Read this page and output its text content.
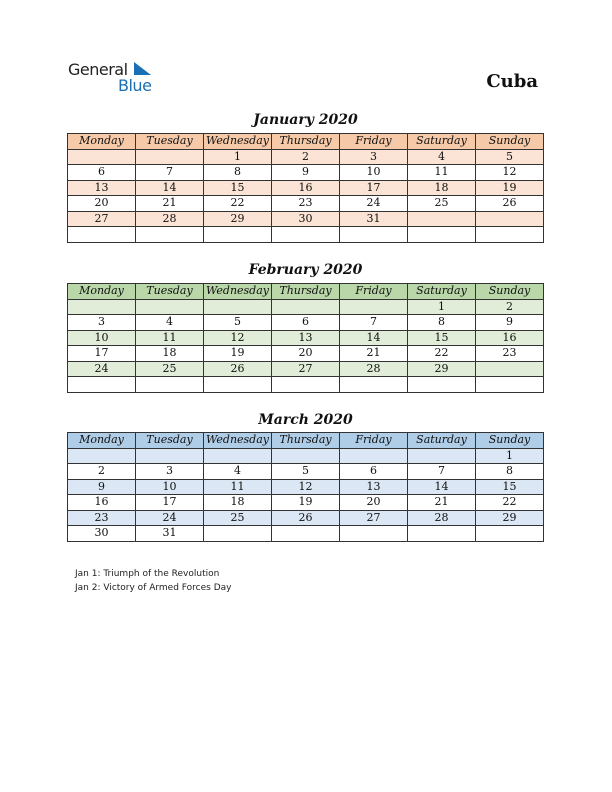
General
Blue	Cuba
January 2020
Monday	Tuesday	Wednesday	Thursday	Friday	Saturday	Sunday
		1	2	3	4	5
6	7	8	9	10	11	12
13	14	15	16	17	18	19
20	21	22	23	24	25	26
27	28	29	30	31		

February 2020
Monday	Tuesday	Wednesday	Thursday	Friday	Saturday	Sunday
					1	2
3	4	5	6	7	8	9
10	11	12	13	14	15	16
17	18	19	20	21	22	23
24	25	26	27	28	29	

March 2020
Monday	Tuesday	Wednesday	Thursday	Friday	Saturday	Sunday
						1
2	3	4	5	6	7	8
9	10	11	12	13	14	15
16	17	18	19	20	21	22
23	24	25	26	27	28	29
30	31					
Jan 1: Triumph of the Revolution
Jan 2: Victory of Armed Forces Day
